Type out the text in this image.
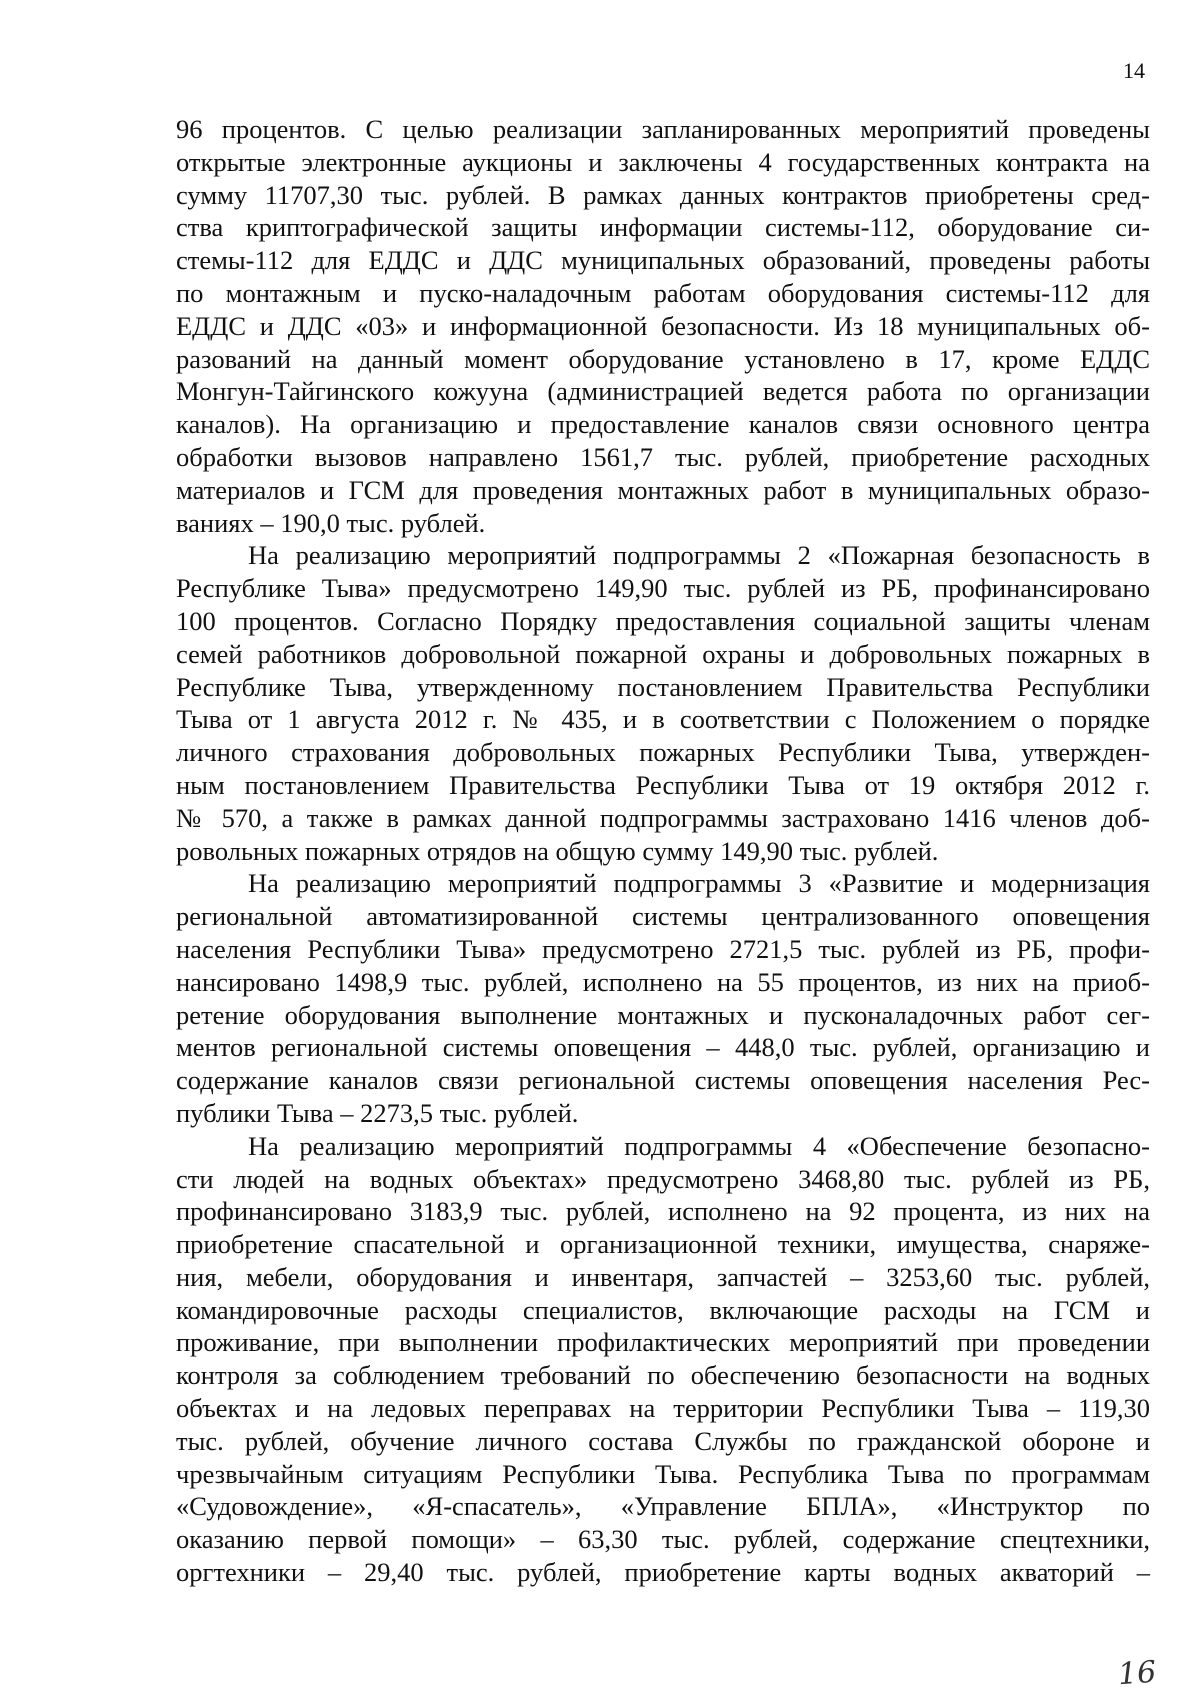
14
96 процентов. С целью реализации запланированных мероприятий проведены
открытые электронные аукционы и заключены 4 государственных контракта на
сумму 11707,30 тыс. рублей. В рамках данных контрактов приобретены сред-
ства криптографической защиты информации системы-112, оборудование си-
стемы-112 для ЕДДС и ДДС муниципальных образований, проведены работы
по монтажным и пуско-наладочным работам оборудования системы-112 для
ЕДДС и ДДС «03» и информационной безопасности. Из 18 муниципальных об-
разований на данный момент оборудование установлено в 17, кроме ЕДДС
Монгун-Тайгинского кожууна (администрацией ведется работа по организации
каналов). На организацию и предоставление каналов связи основного центра
обработки вызовов направлено 1561,7 тыс. рублей, приобретение расходных
материалов и ГСМ для проведения монтажных работ в муниципальных образо-
ваниях – 190,0 тыс. рублей.
На реализацию мероприятий подпрограммы 2 «Пожарная безопасность в
Республике Тыва» предусмотрено 149,90 тыс. рублей из РБ, профинансировано
100 процентов. Согласно Порядку предоставления социальной защиты членам
семей работников добровольной пожарной охраны и добровольных пожарных в
Республике Тыва, утвержденному постановлением Правительства Республики
Тыва от 1 августа 2012 г. № 435, и в соответствии с Положением о порядке
личного страхования добровольных пожарных Республики Тыва, утвержден-
ным постановлением Правительства Республики Тыва от 19 октября 2012 г.
№ 570, а также в рамках данной подпрограммы застраховано 1416 членов доб-
ровольных пожарных отрядов на общую сумму 149,90 тыс. рублей.
На реализацию мероприятий подпрограммы 3 «Развитие и модернизация
региональной автоматизированной системы централизованного оповещения
населения Республики Тыва» предусмотрено 2721,5 тыс. рублей из РБ, профи-
нансировано 1498,9 тыс. рублей, исполнено на 55 процентов, из них на приоб-
ретение оборудования выполнение монтажных и пусконаладочных работ сег-
ментов региональной системы оповещения – 448,0 тыс. рублей, организацию и
содержание каналов связи региональной системы оповещения населения Рес-
публики Тыва – 2273,5 тыс. рублей.
На реализацию мероприятий подпрограммы 4 «Обеспечение безопасно-
сти людей на водных объектах» предусмотрено 3468,80 тыс. рублей из РБ,
профинансировано 3183,9 тыс. рублей, исполнено на 92 процента, из них на
приобретение спасательной и организационной техники, имущества, снаряже-
ния, мебели, оборудования и инвентаря, запчастей – 3253,60 тыс. рублей,
командировочные расходы специалистов, включающие расходы на ГСМ и
проживание, при выполнении профилактических мероприятий при проведении
контроля за соблюдением требований по обеспечению безопасности на водных
объектах и на ледовых переправах на территории Республики Тыва – 119,30
тыс. рублей, обучение личного состава Службы по гражданской обороне и
чрезвычайным ситуациям Республики Тыва. Республика Тыва по программам
«Судовождение», «Я-спасатель», «Управление БПЛА», «Инструктор по
оказанию первой помощи» – 63,30 тыс. рублей, содержание спецтехники,
оргтехники – 29,40 тыс. рублей, приобретение карты водных акваторий –
16
